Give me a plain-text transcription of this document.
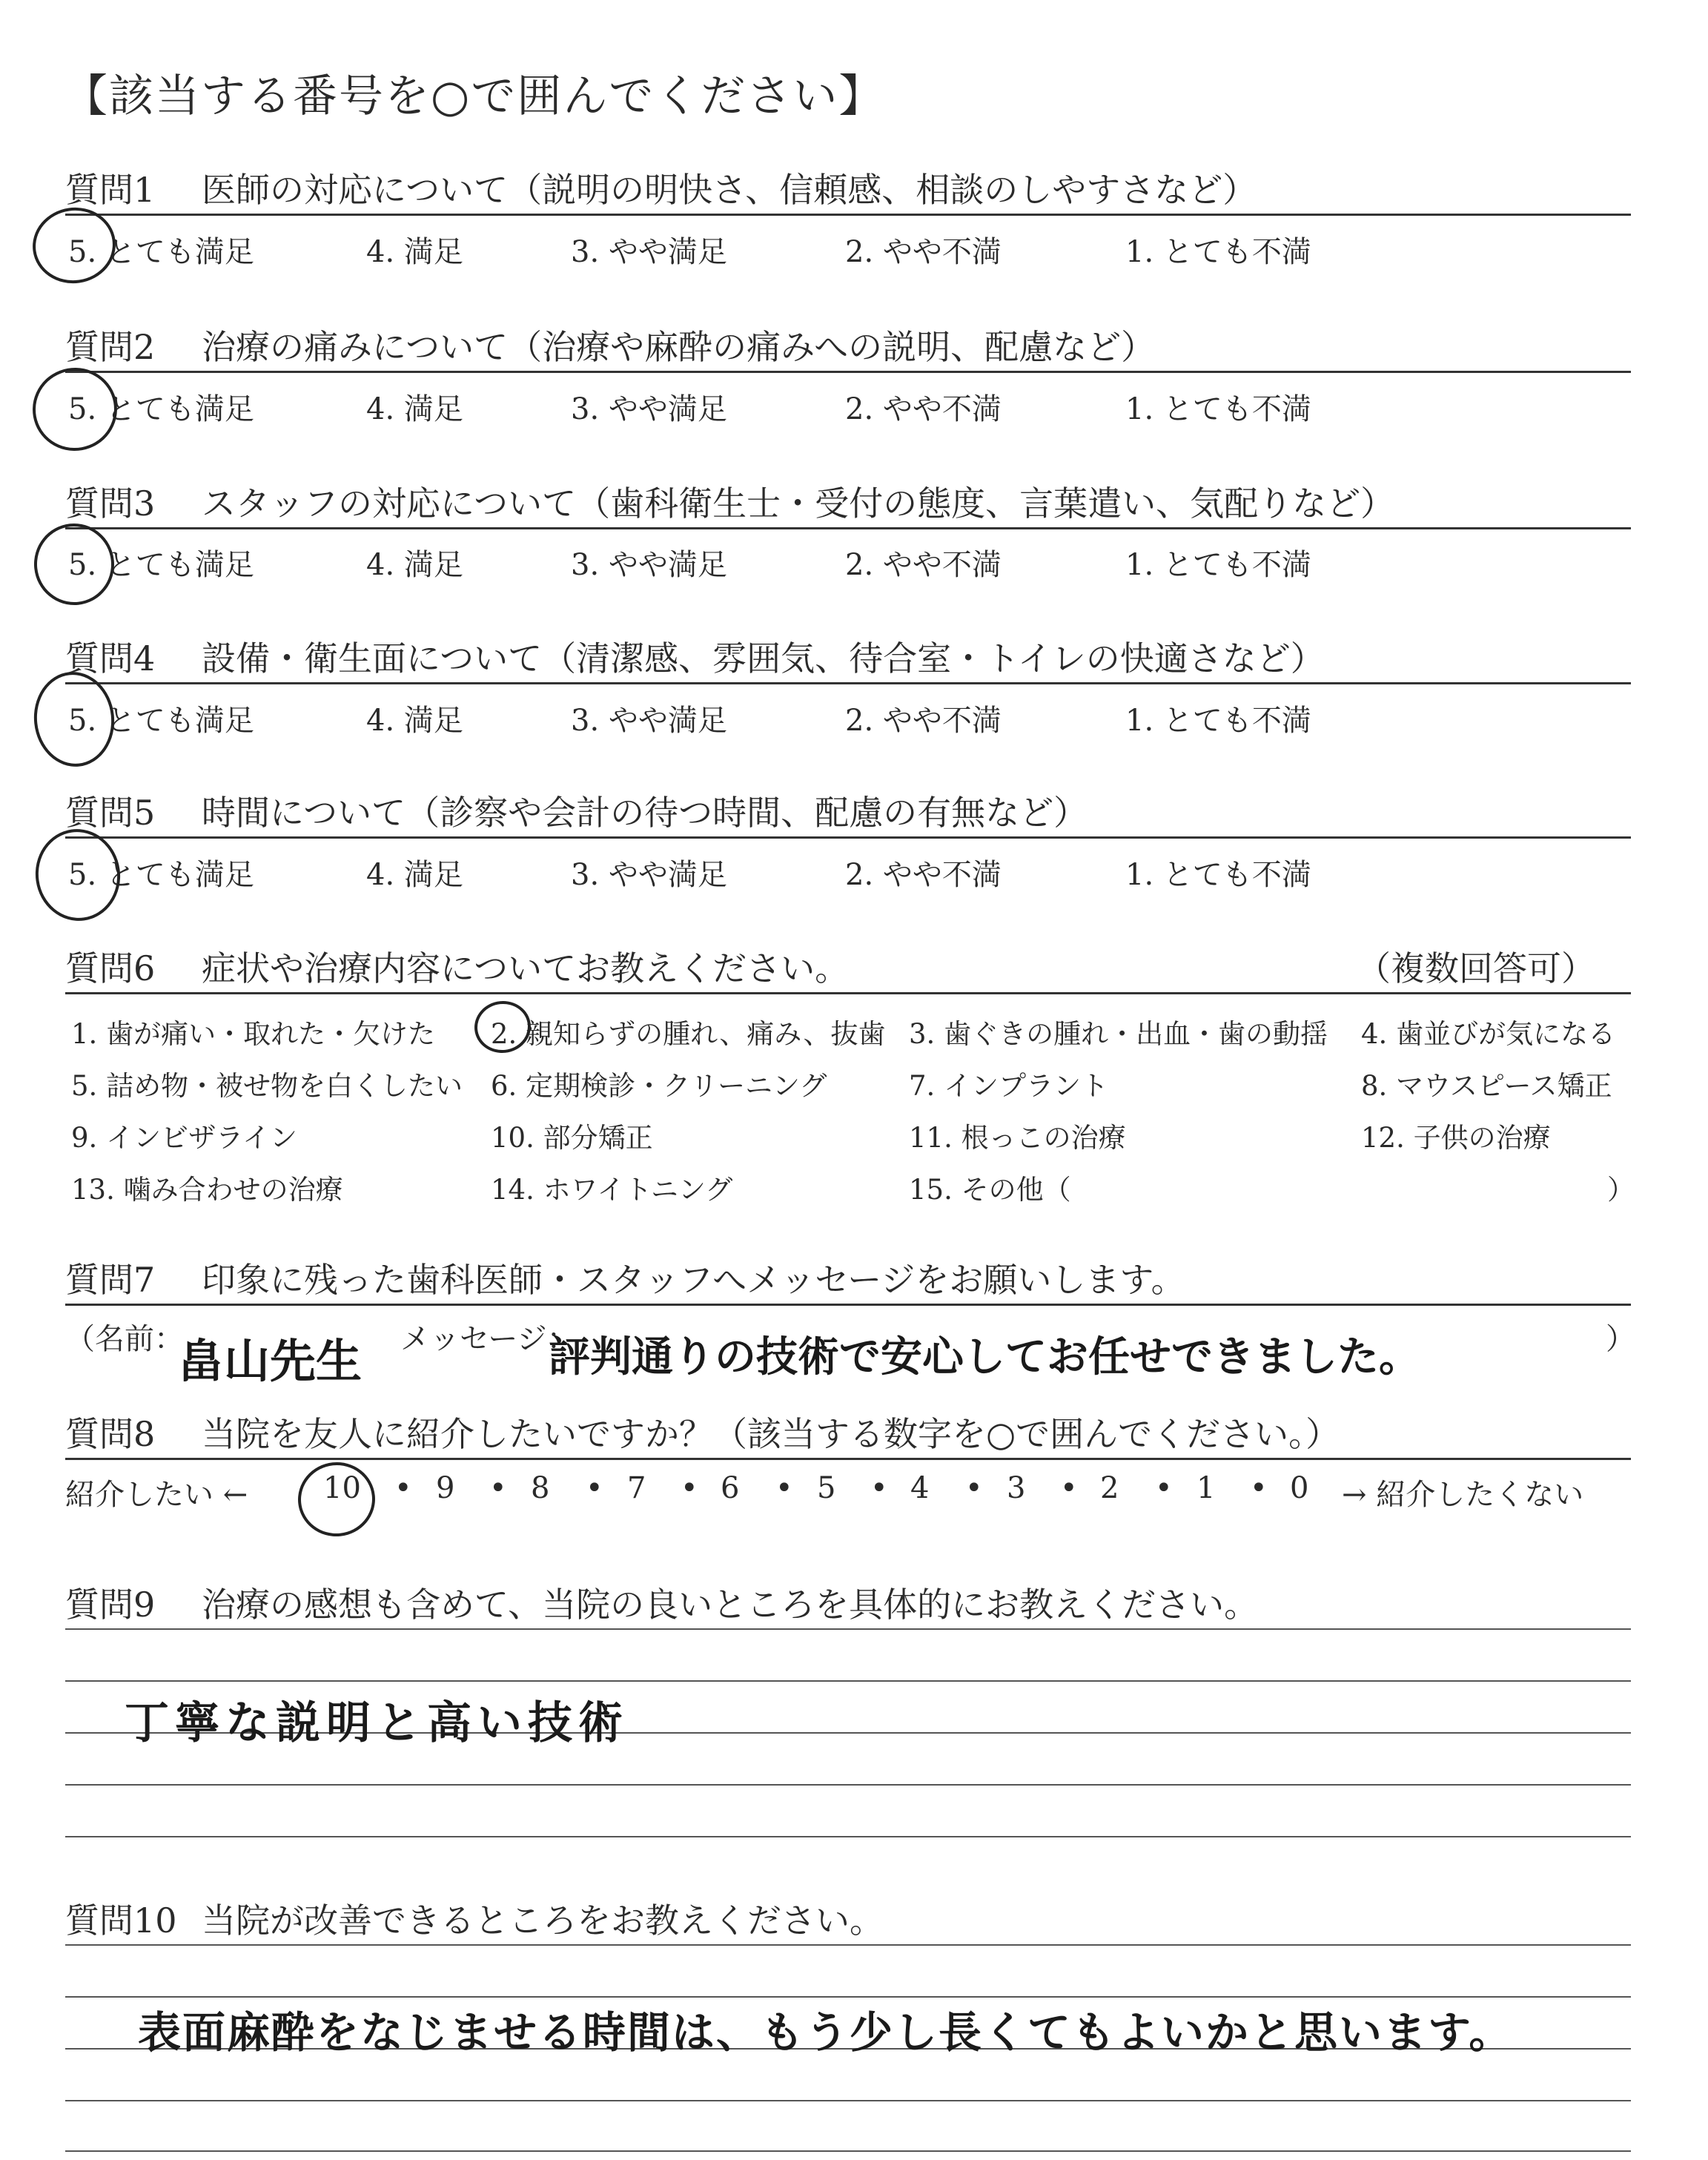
【該当する番号を○で囲んでください】
質問1 医師の対応について（説明の明快さ、信頼感、相談のしやすさなど）
5. とても満足	4. 満足	3. やや満足	2. やや不満	1. とても不満
質問2 治療の痛みについて（治療や麻酔の痛みへの説明、配慮など）
5. とても満足	4. 満足	3. やや満足	2. やや不満	1. とても不満
質問3 スタッフの対応について（歯科衛生士・受付の態度、言葉遣い、気配りなど）
5. とても満足	4. 満足	3. やや満足	2. やや不満	1. とても不満
質問4 設備・衛生面について（清潔感、雰囲気、待合室・トイレの快適さなど）
5. とても満足	4. 満足	3. やや満足	2. やや不満	1. とても不満
質問5 時間について（診察や会計の待つ時間、配慮の有無など）
5. とても満足	4. 満足	3. やや満足	2. やや不満	1. とても不満
質問6 症状や治療内容についてお教えください。	（複数回答可）
1. 歯が痛い・取れた・欠けた 2. 親知らずの腫れ、痛み、抜歯 3. 歯ぐきの腫れ・出血・歯の動揺 4. 歯並びが気になる
5. 詰め物・被せ物を白くしたい 6. 定期検診・クリーニング	7. インプラント	8. マウスピース矯正
9. インビザライン	10. 部分矯正	11. 根っこの治療	12. 子供の治療
13. 噛み合わせの治療	14. ホワイトニング	15. その他（	）
質問7 印象に残った歯科医師・スタッフへメッセージをお願いします。
（名前：
畠山先生 メッセージ：
評判通りの技術で安心してお任せできました。	）
質問8 当院を友人に紹介したいですか？（該当する数字を○で囲んでください。）
紹介したい ←	→ 紹介したくない
10 • 9 • 8 • 7 • 6 • 5 • 4 • 3 • 2 • 1 • 0
質問9 治療の感想も含めて、当院の良いところを具体的にお教えください。
丁寧な説明と高い技術
質問10 当院が改善できるところをお教えください。
表面麻酔をなじませる時間は、もう少し長くてもよいかと思います。
